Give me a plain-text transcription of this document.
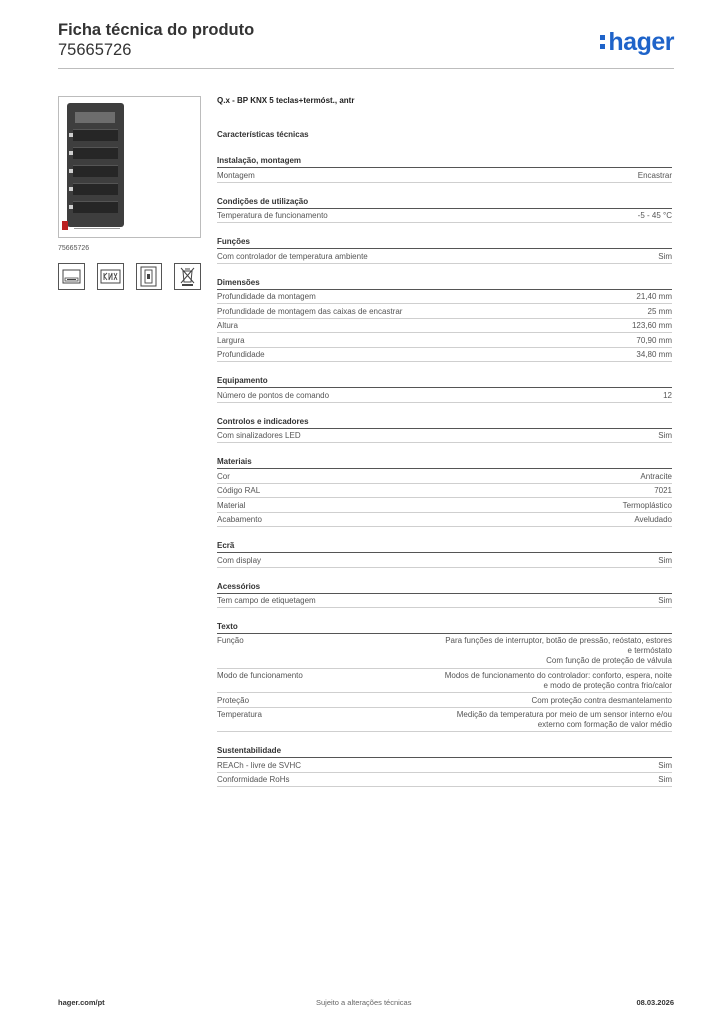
Ficha técnica do produto
75665726	hager
75665726
Q.x - BP KNX 5 teclas+termóst., antr
Características técnicas
Instalação, montagem
Montagem	Encastrar
Condições de utilização
Temperatura de funcionamento	-5 - 45 °C
Funções
Com controlador de temperatura ambiente	Sim
Dimensões
Profundidade da montagem	21,40 mm
Profundidade de montagem das caixas de encastrar	25 mm
Altura	123,60 mm
Largura	70,90 mm
Profundidade	34,80 mm
Equipamento
Número de pontos de comando	12
Controlos e indicadores
Com sinalizadores LED	Sim
Materiais
Cor	Antracite
Código RAL	7021
Material	Termoplástico
Acabamento	Aveludado
Ecrã
Com display	Sim
Acessórios
Tem campo de etiquetagem	Sim
Texto
Função	Para funções de interruptor, botão de pressão, reóstato, estores e termóstato
Com função de proteção de válvula
Modo de funcionamento	Modos de funcionamento do controlador: conforto, espera, noite e modo de proteção contra frio/calor
Proteção	Com proteção contra desmantelamento
Temperatura	Medição da temperatura por meio de um sensor interno e/ou externo com formação de valor médio
Sustentabilidade
REACh - livre de SVHC	Sim
Conformidade RoHs	Sim
hager.com/pt	Sujeito a alterações técnicas	08.03.2026
